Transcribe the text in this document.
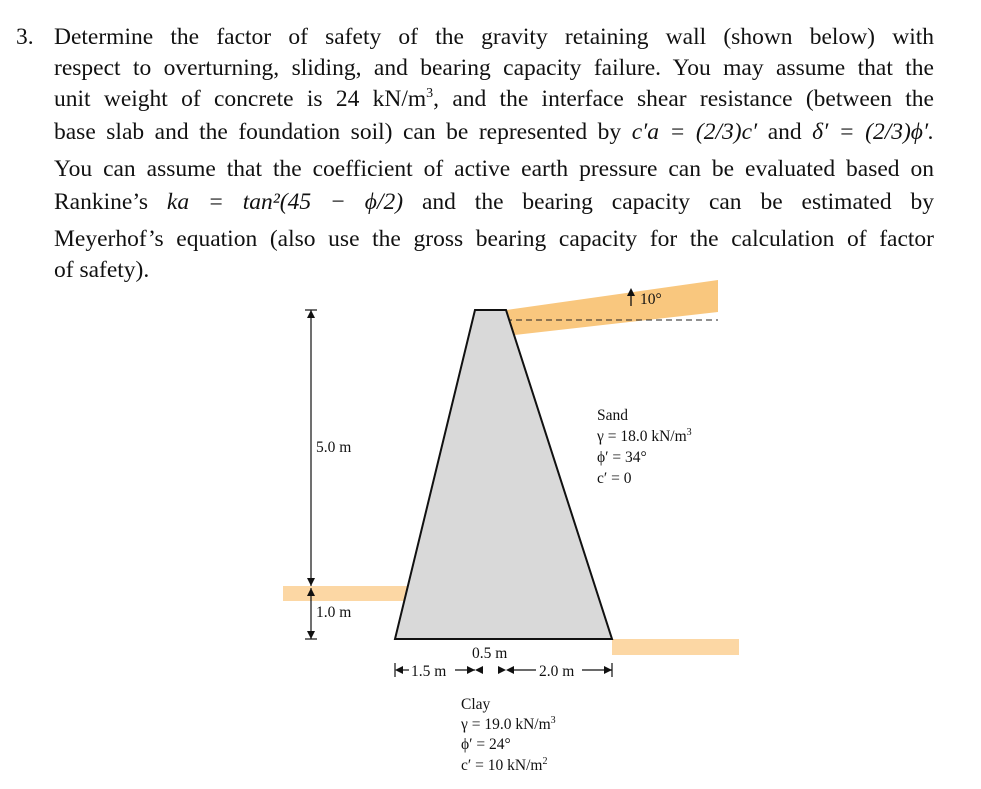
3. Determine the factor of safety of the gravity retaining wall (shown below) with

respect to overturning, sliding, and bearing capacity failure. You may assume that the

unit weight of concrete is 24 $kN/m^3$, and the interface shear resistance (between the

base slab and the foundation soil) can be represented by c′a = (2/3)c′ and δ′ = (2/3)ϕ′.

You can assume that the coefficient of active earth pressure can be evaluated based on

Rankine’s ka = tan²(45 − ϕ/2) and the bearing capacity can be estimated by

Meyerhof’s equation (also use the gross bearing capacity for the calculation of factor

of safety).

10°
5.0 m
1.0 m
0.5 m
1.5 m	2.0 m
Sand
γ = 18.0 $kN/m^3$
ϕ′ = 34°
c′ = 0
Clay
γ = 19.0 $kN/m^3$
ϕ′ = 24°
c′ = 10 $kN/m^2$
